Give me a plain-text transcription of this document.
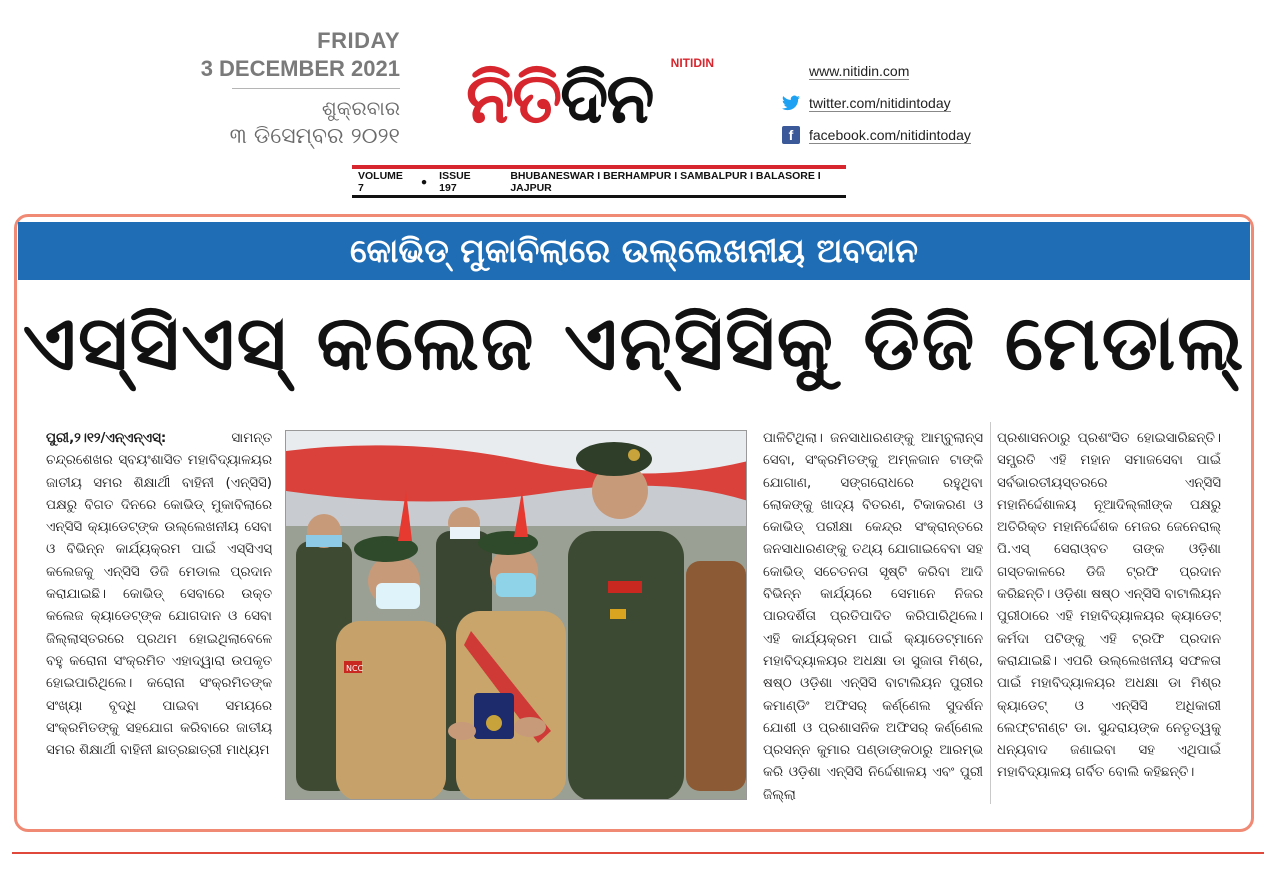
FRIDAY
3 DECEMBER 2021
ଶୁକ୍ରବାର
୩ ଡିସେମ୍ବର ୨୦୨୧ ନିତିଦିନ NITIDIN
VOLUME 7	● ISSUE 197
BHUBANESWAR I BERHAMPUR I SAMBALPUR I BALASORE I JAJPUR
www.nitidin.com
twitter.com/nitidintoday
f	facebook.com/nitidintoday
କୋଭିଡ୍ ମୁକାବିଲାରେ ଉଲ୍ଲେଖନୀୟ ଅବଦାନ
ଏସ୍‌ସିଏସ୍ କଲେଜ ଏନ୍‌ସିସିକୁ ଡିଜି ମେଡାଲ୍
ପୁରୀ,୨।୧୨/ଏନ୍‌ଏନ୍‌ଏସ୍:	ସାମନ୍ତ ଚନ୍ଦ୍ରଶେଖର ସ୍ବୟଂଶାସିତ ମହାବିଦ୍ୟାଳୟର ଜାତୀୟ ସମର ଶିକ୍ଷାର୍ଥୀ ବାହିନୀ (ଏନ୍‌ସିସି) ପକ୍ଷରୁ ବିଗତ ଦିନରେ କୋଭିଡ୍ ମୁକାବିଲାରେ ଏନ୍‌ସିସି କ୍ୟାଡେଟ୍‌ଙ୍କ ଉଲ୍ଲେଖନୀୟ ସେବା ଓ ବିଭିନ୍ନ କାର୍ଯ୍ୟକ୍ରମ ପାଇଁ ଏସ୍‌ସିଏସ୍ କଲେଜକୁ ଏନ୍‌ସିସି ଡିଜି ମେଡାଲ ପ୍ରଦାନ କରାଯାଇଛି। କୋଭିଡ୍ ସେବାରେ ଉକ୍ତ କଲେଜ କ୍ୟାଡେଟ୍‌ଙ୍କ ଯୋଗଦାନ ଓ ସେବା ଜିଲ୍ଲାସ୍ତରରେ ପ୍ରଥମ ହୋଇଥିଲାବେଳେ ବହୁ କରୋନା ସଂକ୍ରମିତ ଏହାଦ୍ୱାରା ଉପକୃତ ହୋଇପାରିଥିଲେ। କରୋନା ସଂକ୍ରମିତଙ୍କ ସଂଖ୍ୟା ବୃଦ୍ଧି ପାଇବା ସମୟରେ ସଂକ୍ରମିତଙ୍କୁ ସହଯୋଗ କରିବାରେ ଜାତୀୟ ସମର ଶିକ୍ଷାର୍ଥୀ ବାହିନୀ ଛାତ୍ରଛାତ୍ରୀ ମାଧ୍ୟମ
NCC
ପାଳିଟିଥିଲା। ଜନସାଧାରଣଙ୍କୁ ଆମ୍ବୁଲାନ୍ସ ସେବା, ସଂକ୍ରମିତଙ୍କୁ ଅମ୍ଳଜାନ ଟାଙ୍କି ଯୋଗାଣ, ସଙ୍ଗରୋଧରେ ରହୁଥିବା ଲୋକଙ୍କୁ ଖାଦ୍ୟ ବିତରଣ, ଟିକାକରଣ ଓ କୋଭିଡ୍ ପରୀକ୍ଷା କେନ୍ଦ୍ର ସଂକ୍ରାନ୍ତରେ ଜନସାଧାରଣଙ୍କୁ ତଥ୍ୟ ଯୋଗାଇବେବା ସହ କୋଭିଡ୍ ସଚେତନତା ସୃଷ୍ଟି କରିବା ଆଦି ବିଭିନ୍ନ କାର୍ଯ୍ୟରେ ସେମାନେ ନିଜର ପାରଦର୍ଶିତା ପ୍ରତିପାଦିତ କରିପାରିଥିଲେ। ଏହି କାର୍ଯ୍ୟକ୍ରମ ପାଇଁ କ୍ୟାଡେଟ୍‌ମାନେ ମହାବିଦ୍ୟାଳୟର ଅଧକ୍ଷା ଡା ସୁଜାତା ମିଶ୍ର, ଷଷ୍ଠ ଓଡ଼ିଶା ଏନ୍‌ସିସି ବାଟାଲିୟନ ପୁରୀର କମାଣ୍ଡିଂ ଅଫିସର୍ କର୍ଣ୍ଣେଲ ସୁଦର୍ଶନ ଯୋଶୀ ଓ ପ୍ରଶାସନିକ ଅଫିସର୍ କର୍ଣ୍ଣେଲ ପ୍ରସନ୍ନ କୁମାର ପଣ୍ଡାଙ୍କଠାରୁ ଆରମ୍ଭ କରି ଓଡ଼ିଶା ଏନ୍‌ସିସି ନିର୍ଦ୍ଦେଶାଳୟ ଏବଂ ପୁରୀ ଜିଲ୍ଲା
ପ୍ରଶାସନଠାରୁ ପ୍ରଶଂସିତ ହୋଇସାରିଛନ୍ତି। ସମ୍ପ୍ରତି ଏହି ମହାନ ସମାଜସେବା ପାଇଁ ସର୍ବଭାରତୀୟସ୍ତରରେ ଏନ୍‌ସିସି ମହାନିର୍ଦ୍ଦେଶାଳୟ ନୂଆଦିଲ୍ଲୀଙ୍କ ପକ୍ଷରୁ ଅତିରିକ୍ତ ମହାନିର୍ଦ୍ଦେଶକ ମେଜର ଜେନେରାଲ୍ ପି.ଏସ୍ ସେରାଓ୍ବତ ତାଙ୍କ ଓଡ଼ିଶା ଗସ୍ତକାଳରେ ଡିଜି ଟ୍ରଫି ପ୍ରଦାନ କରିଛନ୍ତି। ଓଡ଼ିଶା ଷଷ୍ଠ ଏନ୍‌ସିସି ବାଟାଲିୟନ ପୁରୀଠାରେ ଏହି ମହାବିଦ୍ୟାଳୟର କ୍ୟାଡେଟ୍ କର୍ମଦା ପଟିଙ୍କୁ ଏହି ଟ୍ରଫି ପ୍ରଦାନ କରାଯାଇଛି। ଏପରି ଉଲ୍ଲେଖନୀୟ ସଫଳତା ପାଇଁ ମହାବିଦ୍ୟାଳୟର ଅଧକ୍ଷା ଡା ମିଶ୍ର କ୍ୟାଡେଟ୍ ଓ ଏନ୍‌ସିସି ଅଧିକାରୀ ଲେଫ୍ଟନାଣ୍ଟ ଡା. ସୁନ୍ଦରାୟଙ୍କ ନେତୃତ୍ୱକୁ ଧନ୍ୟବାଦ ଜଣାଇବା ସହ ଏଥିପାଇଁ ମହାବିଦ୍ୟାଳୟ ଗର୍ବିତ ବୋଲି କହିଛନ୍ତି।
